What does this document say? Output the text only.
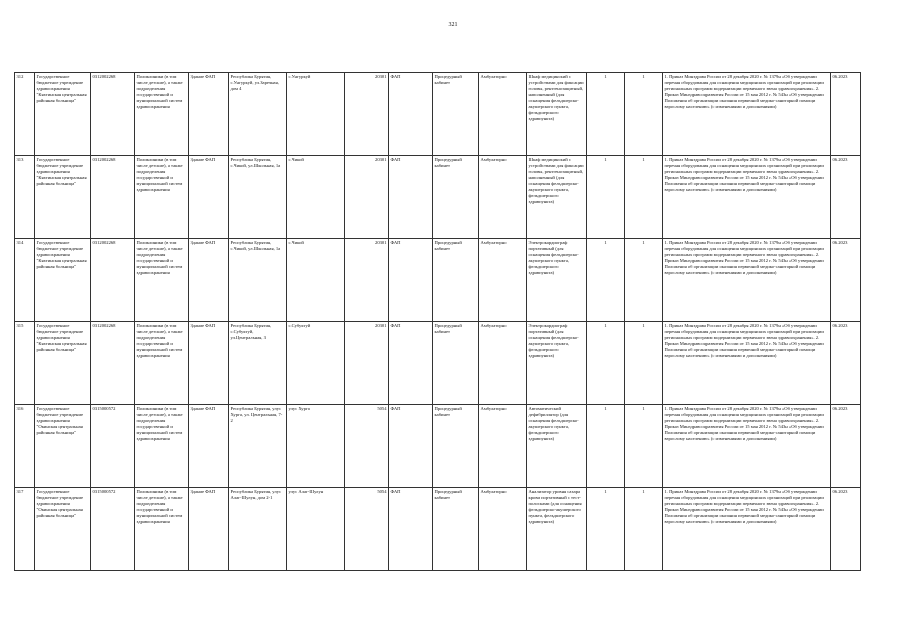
321
312	Государственное бюджетное учреждение здравоохранения "Кяхтинская центральная районная больница"	0312002268	Поликлиники (в том числе детские), а также подразделения государственной и муниципальной систем здравоохранения	Здание ФАП	Республика Бурятия, с.Унгуркуй, ул.Заречная, дом 4	с.Унгуркуй	20301	ФАП	Процедурный кабинет	Амбулаторно	Шкаф медицинский с устройствами для фиксации головы, рентгенозащитный, наполненный (для оснащения фельдшерско-акушерского пункта, фельдшерского здравпункта)	1	1	1. Приказ Минздрава России от 28 декабря 2020 г. № 1379н «Об утверждении перечня оборудования для оснащения медицинских организаций при реализации региональных программ модернизации первичного звена здравоохранения». 2. Приказ Минздравсоцразвития России от 15 мая 2012 г. № 543н «Об утверждении Положения об организации оказания первичной медико-санитарной помощи взрослому населению» (с изменениями и дополнениями)	06.2023
313	Государственное бюджетное учреждение здравоохранения "Кяхтинская центральная районная больница"	0312002268	Поликлиники (в том числе детские), а также подразделения государственной и муниципальной систем здравоохранения	Здание ФАП	Республика Бурятия, с.Чикой, ул.Школьная, 1а	с.Чикой	20301	ФАП	Процедурный кабинет	Амбулаторно	Шкаф медицинский с устройствами для фиксации головы, рентгенозащитный, наполненный (для оснащения фельдшерско-акушерского пункта, фельдшерского здравпункта)	1	1	1. Приказ Минздрава России от 28 декабря 2020 г. № 1379н «Об утверждении перечня оборудования для оснащения медицинских организаций при реализации региональных программ модернизации первичного звена здравоохранения». 2. Приказ Минздравсоцразвития России от 15 мая 2012 г. № 543н «Об утверждении Положения об организации оказания первичной медико-санитарной помощи взрослому населению» (с изменениями и дополнениями)	06.2023
314	Государственное бюджетное учреждение здравоохранения "Кяхтинская центральная районная больница"	0312002268	Поликлиники (в том числе детские), а также подразделения государственной и муниципальной систем здравоохранения	Здание ФАП	Республика Бурятия, с.Чикой, ул.Школьная, 1а	с.Чикой	20301	ФАП	Процедурный кабинет	Амбулаторно	Электрокардиограф портативный (для оснащения фельдшерско-акушерского пункта, фельдшерского здравпункта)	1	1	1. Приказ Минздрава России от 28 декабря 2020 г. № 1379н «Об утверждении перечня оборудования для оснащения медицинских организаций при реализации региональных программ модернизации первичного звена здравоохранения». 2. Приказ Минздравсоцразвития России от 15 мая 2012 г. № 543н «Об утверждении Положения об организации оказания первичной медико-санитарной помощи взрослому населению» (с изменениями и дополнениями)	06.2023
315	Государственное бюджетное учреждение здравоохранения "Кяхтинская центральная районная больница"	0312002268	Поликлиники (в том числе детские), а также подразделения государственной и муниципальной систем здравоохранения	Здание ФАП	Республика Бурятия, с.Субуктуй, ул.Центральная, 3	с.Субуктуй	20301	ФАП	Процедурный кабинет	Амбулаторно	Электрокардиограф портативный (для оснащения фельдшерско-акушерского пункта, фельдшерского здравпункта)	1	1	1. Приказ Минздрава России от 28 декабря 2020 г. № 1379н «Об утверждении перечня оборудования для оснащения медицинских организаций при реализации региональных программ модернизации первичного звена здравоохранения». 2. Приказ Минздравсоцразвития России от 15 мая 2012 г. № 543н «Об утверждении Положения об организации оказания первичной медико-санитарной помощи взрослому населению» (с изменениями и дополнениями)	06.2023
316	Государственное бюджетное учреждение здравоохранения "Окинская центральная районная больница"	0315000572	Поликлиники (в том числе детские), а также подразделения государственной и муниципальной систем здравоохранения	Здание ФАП	Республика Бурятия, улус Хурга, ул. Центральная, 7-2	улус Хурга	5054	ФАП	Процедурный кабинет	Амбулаторно	Автоматический дефибриллятор (для оснащения фельдшерско-акушерского пункта, фельдшерского здравпункта)	1	1	1. Приказ Минздрава России от 28 декабря 2020 г. № 1379н «Об утверждении перечня оборудования для оснащения медицинских организаций при реализации региональных программ модернизации первичного звена здравоохранения». 2. Приказ Минздравсоцразвития России от 15 мая 2012 г. № 543н «Об утверждении Положения об организации оказания первичной медико-санитарной помощи взрослому населению» (с изменениями и дополнениями)	06.2023
317	Государственное бюджетное учреждение здравоохранения "Окинская центральная районная больница"	0315000572	Поликлиники (в том числе детские), а также подразделения государственной и муниципальной систем здравоохранения	Здание ФАП	Республика Бурятия, улус Алаг-Шулун, дом 2-1	улус Алаг-Шулун	5054	ФАП	Процедурный кабинет	Амбулаторно	Анализатор уровня сахара крови портативный с тест-полосками (для оснащения фельдшерско-акушерского пункта, фельдшерского здравпункта)	1	1	1. Приказ Минздрава России от 28 декабря 2020 г. № 1379н «Об утверждении перечня оборудования для оснащения медицинских организаций при реализации региональных программ модернизации первичного звена здравоохранения». 2. Приказ Минздравсоцразвития России от 15 мая 2012 г. № 543н «Об утверждении Положения об организации оказания первичной медико-санитарной помощи взрослому населению» (с изменениями и дополнениями)	06.2023
